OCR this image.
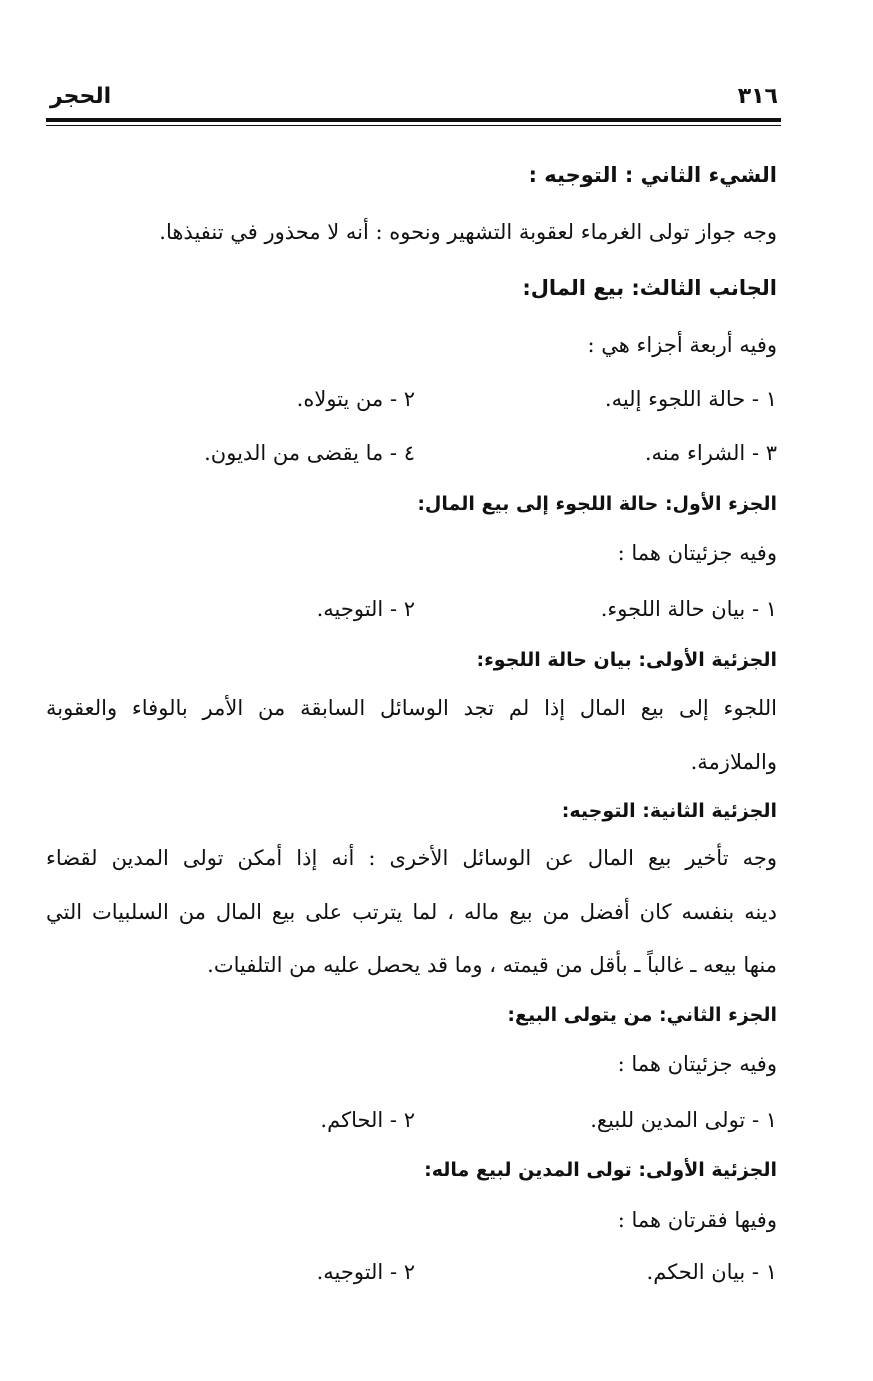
٣١٦
الحجر
الشيء الثاني : التوجيه :
وجه جواز تولى الغرماء لعقوبة التشهير ونحوه : أنه لا محذور في تنفيذها.
الجانب الثالث: بيع المال:
وفيه أربعة أجزاء هي :
١ - حالة اللجوء إليه.
٢ - من يتولاه.
٣ - الشراء منه.
٤ - ما يقضى من الديون.
الجزء الأول: حالة اللجوء إلى بيع المال:
وفيه جزئيتان هما :
١ - بيان حالة اللجوء.
٢ - التوجيه.
الجزئية الأولى: بيان حالة اللجوء:
اللجوء إلى بيع المال إذا لم تجد الوسائل السابقة من الأمر بالوفاء والعقوبة
والملازمة.
الجزئية الثانية: التوجيه:
وجه تأخير بيع المال عن الوسائل الأخرى : أنه إذا أمكن تولى المدين لقضاء
دينه بنفسه كان أفضل من بيع ماله ، لما يترتب على بيع المال من السلبيات التي
منها بيعه ـ غالباً ـ بأقل من قيمته ، وما قد يحصل عليه من التلفيات.
الجزء الثاني: من يتولى البيع:
وفيه جزئيتان هما :
١ - تولى المدين للبيع.
٢ - الحاكم.
الجزئية الأولى: تولى المدين لبيع ماله:
وفيها فقرتان هما :
١ - بيان الحكم.
٢ - التوجيه.
